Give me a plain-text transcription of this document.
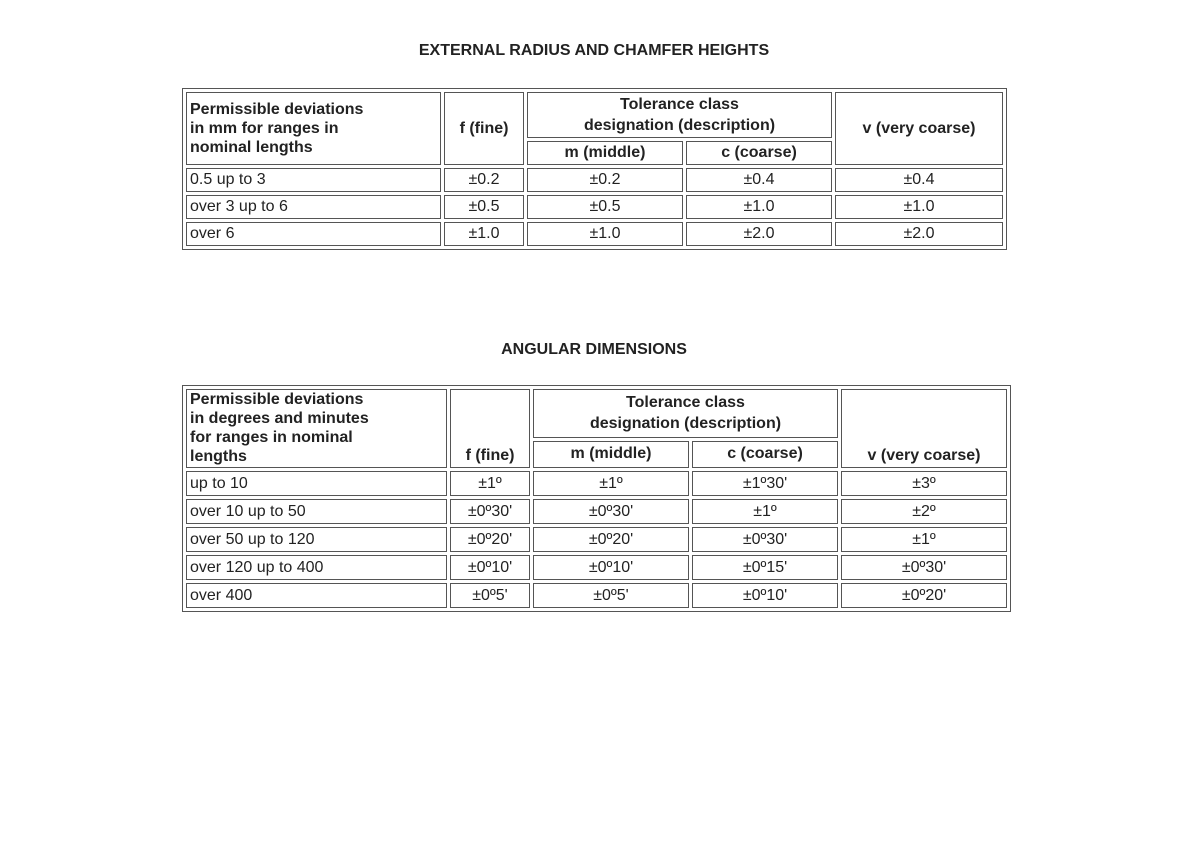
EXTERNAL RADIUS AND CHAMFER HEIGHTS
Permissible deviations
in mm for ranges in
nominal lengths	f (fine)	Tolerance class
designation (description)		v (very coarse)
		m (middle)	c (coarse)	
0.5 up to 3	±0.2	±0.2	±0.4	±0.4
over 3 up to 6	±0.5	±0.5	±1.0	±1.0
over 6	±1.0	±1.0	±2.0	±2.0
ANGULAR DIMENSIONS
Permissible deviations
in degrees and minutes
for ranges in nominal
lengths	f (fine)	Tolerance class
designation (description)		v (very coarse)
		m (middle)	c (coarse)	
up to 10	±1º	±1º	±1º30'	±3º
over 10 up to 50	±0º30'	±0º30'	±1º	±2º
over 50 up to 120	±0º20'	±0º20'	±0º30'	±1º
over 120 up to 400	±0º10'	±0º10'	±0º15'	±0º30'
over 400	±0º5'	±0º5'	±0º10'	±0º20'
